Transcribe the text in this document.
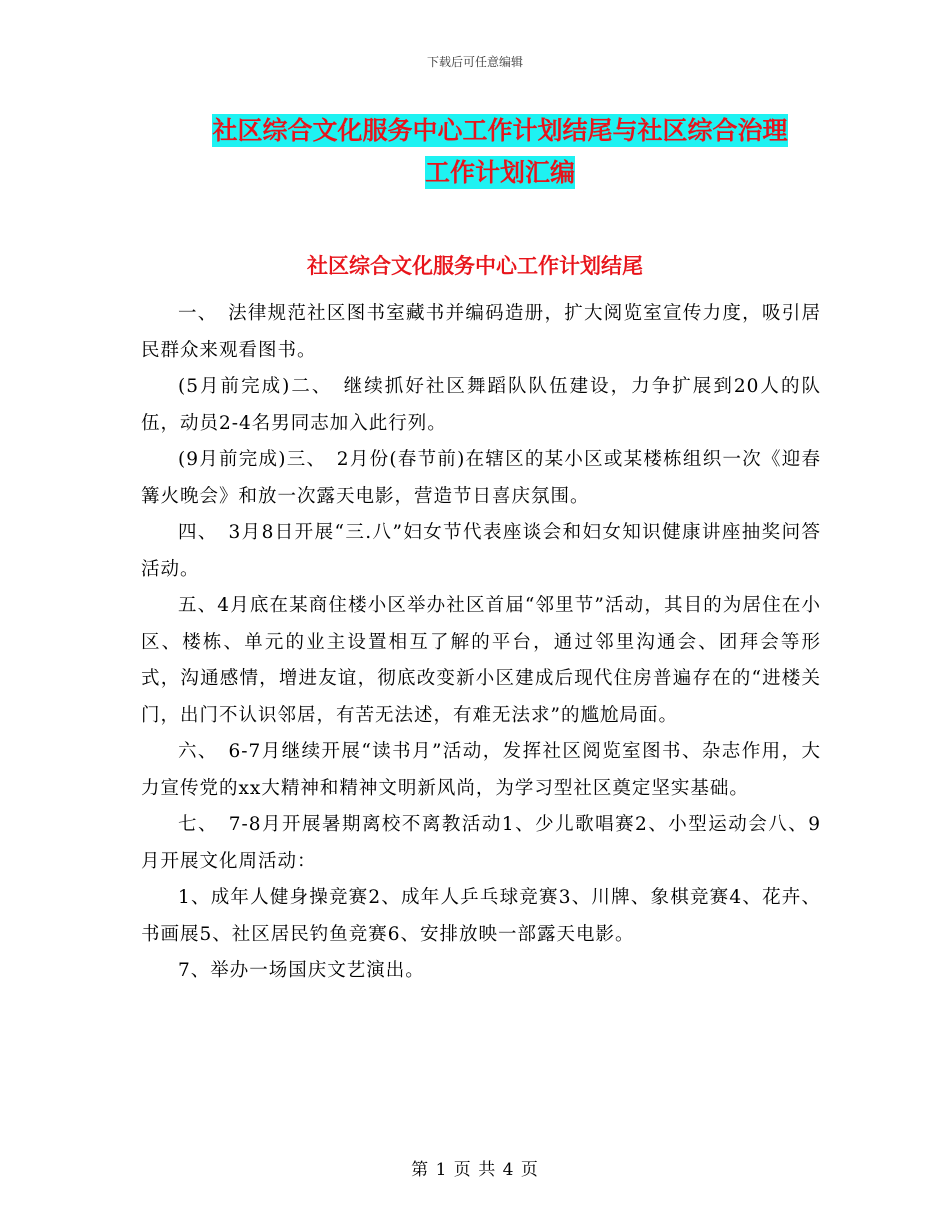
下载后可任意编辑
社区综合文化服务中心工作计划结尾与社区综合治理
工作计划汇编
社区综合文化服务中心工作计划结尾

一、　法律规范社区图书室藏书并编码造册，扩大阅览室宣传力度，吸引居民群众来观看图书。

(5月前完成)二、　继续抓好社区舞蹈队队伍建设，力争扩展到20人的队伍，动员2-4名男同志加入此行列。

(9月前完成)三、　2月份(春节前)在辖区的某小区或某楼栋组织一次《迎春篝火晚会》和放一次露天电影，营造节日喜庆氛围。

四、　3月8日开展“三.八”妇女节代表座谈会和妇女知识健康讲座抽奖问答活动。

五、4月底在某商住楼小区举办社区首届“邻里节”活动，其目的为居住在小区、楼栋、单元的业主设置相互了解的平台，通过邻里沟通会、团拜会等形式，沟通感情，增进友谊，彻底改变新小区建成后现代住房普遍存在的“进楼关门，出门不认识邻居，有苦无法述，有难无法求”的尴尬局面。

六、　6-7月继续开展“读书月”活动，发挥社区阅览室图书、杂志作用，大力宣传党的xx大精神和精神文明新风尚，为学习型社区奠定坚实基础。

七、　7-8月开展暑期离校不离教活动1、少儿歌唱赛2、小型运动会八、9月开展文化周活动：

1、成年人健身操竞赛2、成年人乒乓球竞赛3、川牌、象棋竞赛4、花卉、书画展5、社区居民钓鱼竞赛6、安排放映一部露天电影。

7、举办一场国庆文艺演出。

第 1 页 共 4 页
